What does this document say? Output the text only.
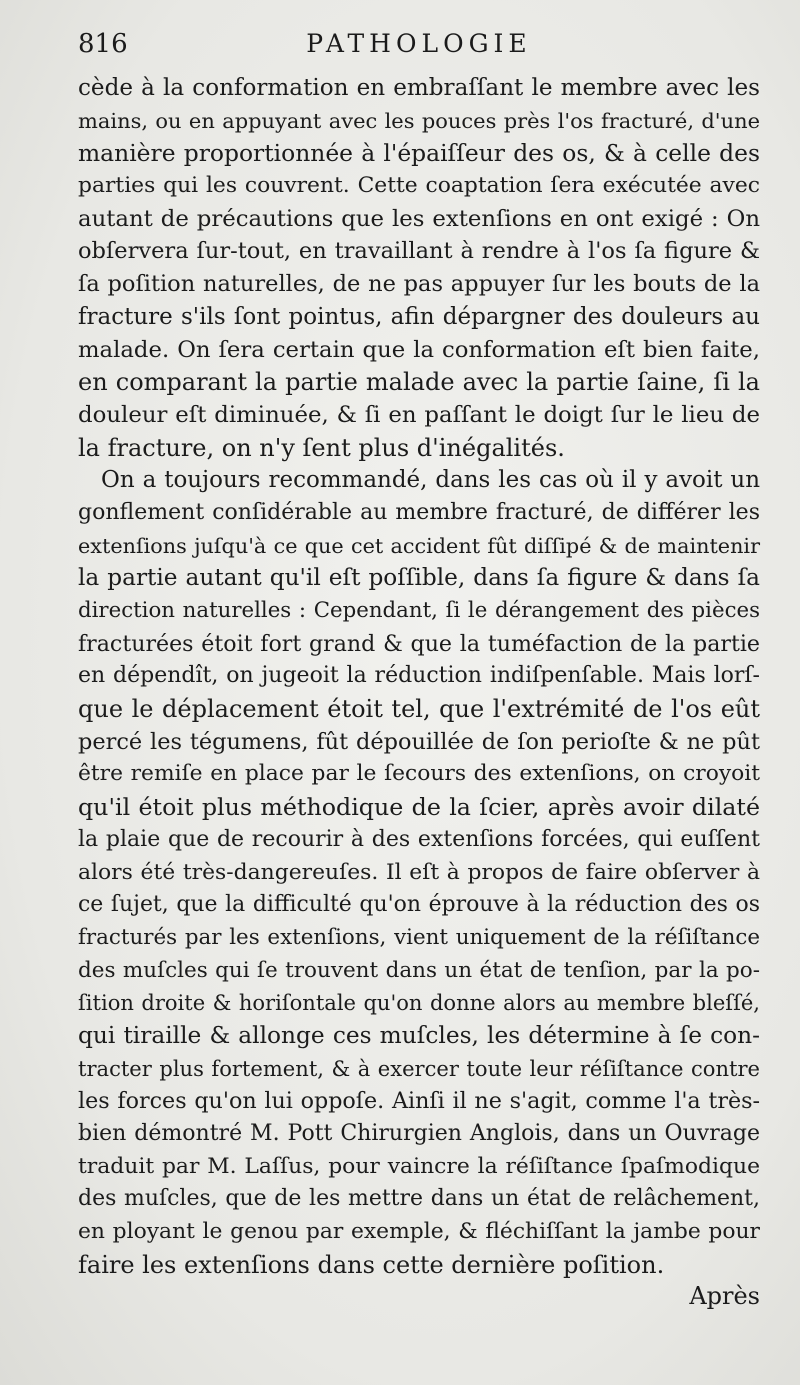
816	PATHOLOGIE
cède à la conformation en embraſſant le membre avec les
mains, ou en appuyant avec les pouces près l'os fracturé, d'une
manière proportionnée à l'épaiſſeur des os, & à celle des
parties qui les couvrent. Cette coaptation ſera exécutée avec
autant de précautions que les extenſions en ont exigé : On
obſervera ſur-tout, en travaillant à rendre à l'os ſa figure &
ſa poſition naturelles, de ne pas appuyer ſur les bouts de la
fracture s'ils ſont pointus, afin dépargner des douleurs au
malade. On ſera certain que la conformation eſt bien faite,
en comparant la partie malade avec la partie ſaine, ſi la
douleur eſt diminuée, & ſi en paſſant le doigt ſur le lieu de
la fracture, on n'y ſent plus d'inégalités.
On a toujours recommandé, dans les cas où il y avoit un
gonflement conſidérable au membre fracturé, de différer les
extenſions juſqu'à ce que cet accident fût diſſipé & de maintenir
la partie autant qu'il eſt poſſible, dans ſa figure & dans ſa
direction naturelles : Cependant, ſi le dérangement des pièces
fracturées étoit fort grand & que la tuméfaction de la partie
en dépendît, on jugeoit la réduction indiſpenſable. Mais lorſ-
que le déplacement étoit tel, que l'extrémité de l'os eût
percé les tégumens, fût dépouillée de ſon perioſte & ne pût
être remiſe en place par le ſecours des extenſions, on croyoit
qu'il étoit plus méthodique de la ſcier, après avoir dilaté
la plaie que de recourir à des extenſions forcées, qui euſſent
alors été très-dangereuſes. Il eſt à propos de faire obſerver à
ce ſujet, que la difficulté qu'on éprouve à la réduction des os
fracturés par les extenſions, vient uniquement de la réſiſtance
des muſcles qui ſe trouvent dans un état de tenſion, par la po-
ſition droite & horiſontale qu'on donne alors au membre bleſſé,
qui tiraille & allonge ces muſcles, les détermine à ſe con-
tracter plus fortement, & à exercer toute leur réſiſtance contre
les forces qu'on lui oppoſe. Ainſi il ne s'agit, comme l'a très-
bien démontré M. Pott Chirurgien Anglois, dans un Ouvrage
traduit par M. Laſſus, pour vaincre la réſiſtance ſpaſmodique
des muſcles, que de les mettre dans un état de relâchement,
en ployant le genou par exemple, & fléchiſſant la jambe pour
faire les extenſions dans cette dernière poſition.
Après
